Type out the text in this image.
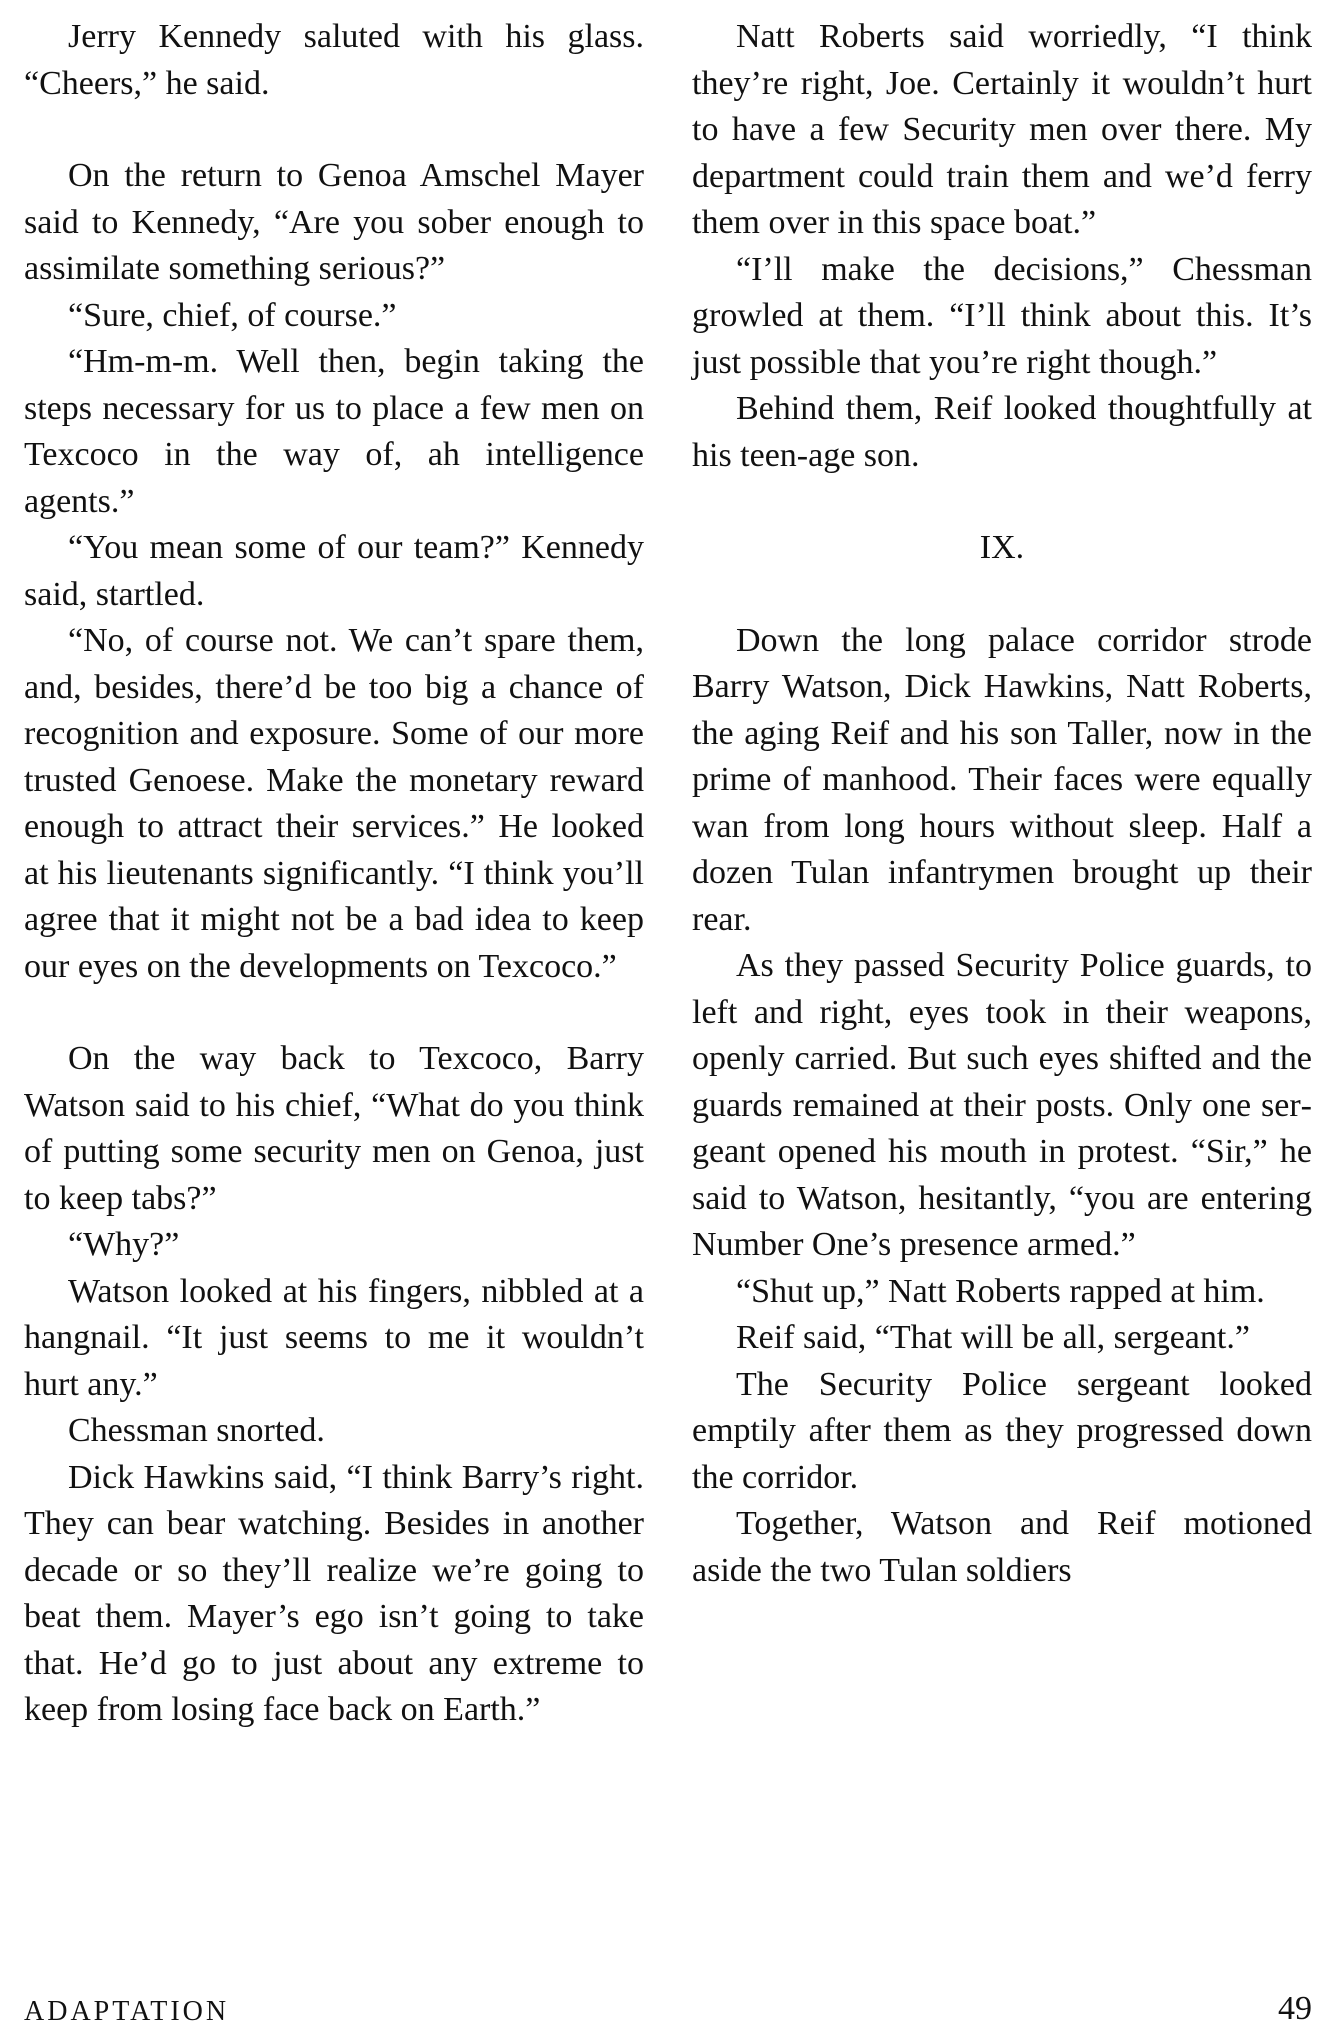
Jerry Kennedy saluted with his glass. “Cheers,” he said.

On the return to Genoa Amschel Mayer said to Kennedy, “Are you sober enough to assimilate something serious?”

“Sure, chief, of course.”

“Hm-m-m. Well then, begin taking the steps necessary for us to place a few men on Texcoco in the way of, ah intelligence agents.”

“You mean some of our team?” Kennedy said, startled.

“No, of course not. We can’t spare them, and, besides, there’d be too big a chance of recognition and exposure. Some of our more trusted Genoese. Make the monetary reward enough to attract their services.” He looked at his lieutenants significantly. “I think you’ll agree that it might not be a bad idea to keep our eyes on the developments on Texcoco.”

On the way back to Texcoco, Barry Watson said to his chief, “What do you think of putting some security men on Genoa, just to keep tabs?”

“Why?”

Watson looked at his fingers, nibbled at a hangnail. “It just seems to me it wouldn’t hurt any.”

Chessman snorted.

Dick Hawkins said, “I think Barry’s right. They can bear watching. Besides in another decade or so they’ll realize we’re going to beat them. Mayer’s ego isn’t going to take that. He’d go to just about any extreme to keep from losing face back on Earth.”

Natt Roberts said worriedly, “I think they’re right, Joe. Certainly it wouldn’t hurt to have a few Security men over there. My department could train them and we’d ferry them over in this space boat.”

“I’ll make the decisions,” Chessman growled at them. “I’ll think about this. It’s just possible that you’re right though.”

Behind them, Reif looked thoughtfully at his teen-age son.

IX.

Down the long palace corridor strode Barry Watson, Dick Hawkins, Natt Roberts, the aging Reif and his son Taller, now in the prime of manhood. Their faces were equally wan from long hours without sleep. Half a dozen Tulan infantrymen brought up their rear.

As they passed Security Police guards, to left and right, eyes took in their weapons, openly carried. But such eyes shifted and the guards remained at their posts. Only one sergeant opened his mouth in protest. “Sir,” he said to Watson, hesitantly, “you are entering Number One’s presence armed.”

“Shut up,” Natt Roberts rapped at him.

Reif said, “That will be all, sergeant.”

The Security Police sergeant looked emptily after them as they progressed down the corridor.

Together, Watson and Reif motioned aside the two Tulan soldiers

ADAPTATION	49
